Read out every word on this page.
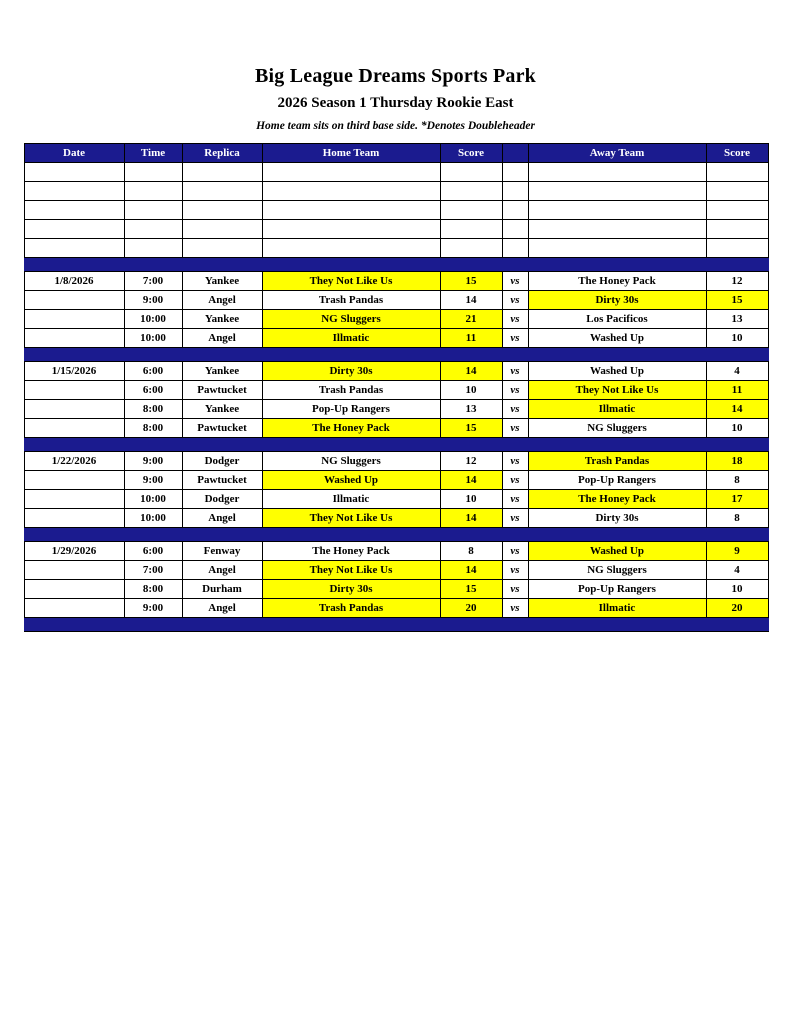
Big League Dreams Sports Park
2026 Season 1 Thursday Rookie East
Home team sits on third base side. *Denotes Doubleheader
Date	Time	Replica	Home Team	Score		Away Team	Score

1/8/2026	7:00	Yankee	They Not Like Us	15	vs	The Honey Pack	12
	9:00	Angel	Trash Pandas	14	vs	Dirty 30s	15
	10:00	Yankee	NG Sluggers	21	vs	Los Pacificos	13
	10:00	Angel	Illmatic	11	vs	Washed Up	10

1/15/2026	6:00	Yankee	Dirty 30s	14	vs	Washed Up	4
	6:00	Pawtucket	Trash Pandas	10	vs	They Not Like Us	11
	8:00	Yankee	Pop-Up Rangers	13	vs	Illmatic	14
	8:00	Pawtucket	The Honey Pack	15	vs	NG Sluggers	10

1/22/2026	9:00	Dodger	NG Sluggers	12	vs	Trash Pandas	18
	9:00	Pawtucket	Washed Up	14	vs	Pop-Up Rangers	8
	10:00	Dodger	Illmatic	10	vs	The Honey Pack	17
	10:00	Angel	They Not Like Us	14	vs	Dirty 30s	8

1/29/2026	6:00	Fenway	The Honey Pack	8	vs	Washed Up	9
	7:00	Angel	They Not Like Us	14	vs	NG Sluggers	4
	8:00	Durham	Dirty 30s	15	vs	Pop-Up Rangers	10
	9:00	Angel	Trash Pandas	20	vs	Illmatic	20
